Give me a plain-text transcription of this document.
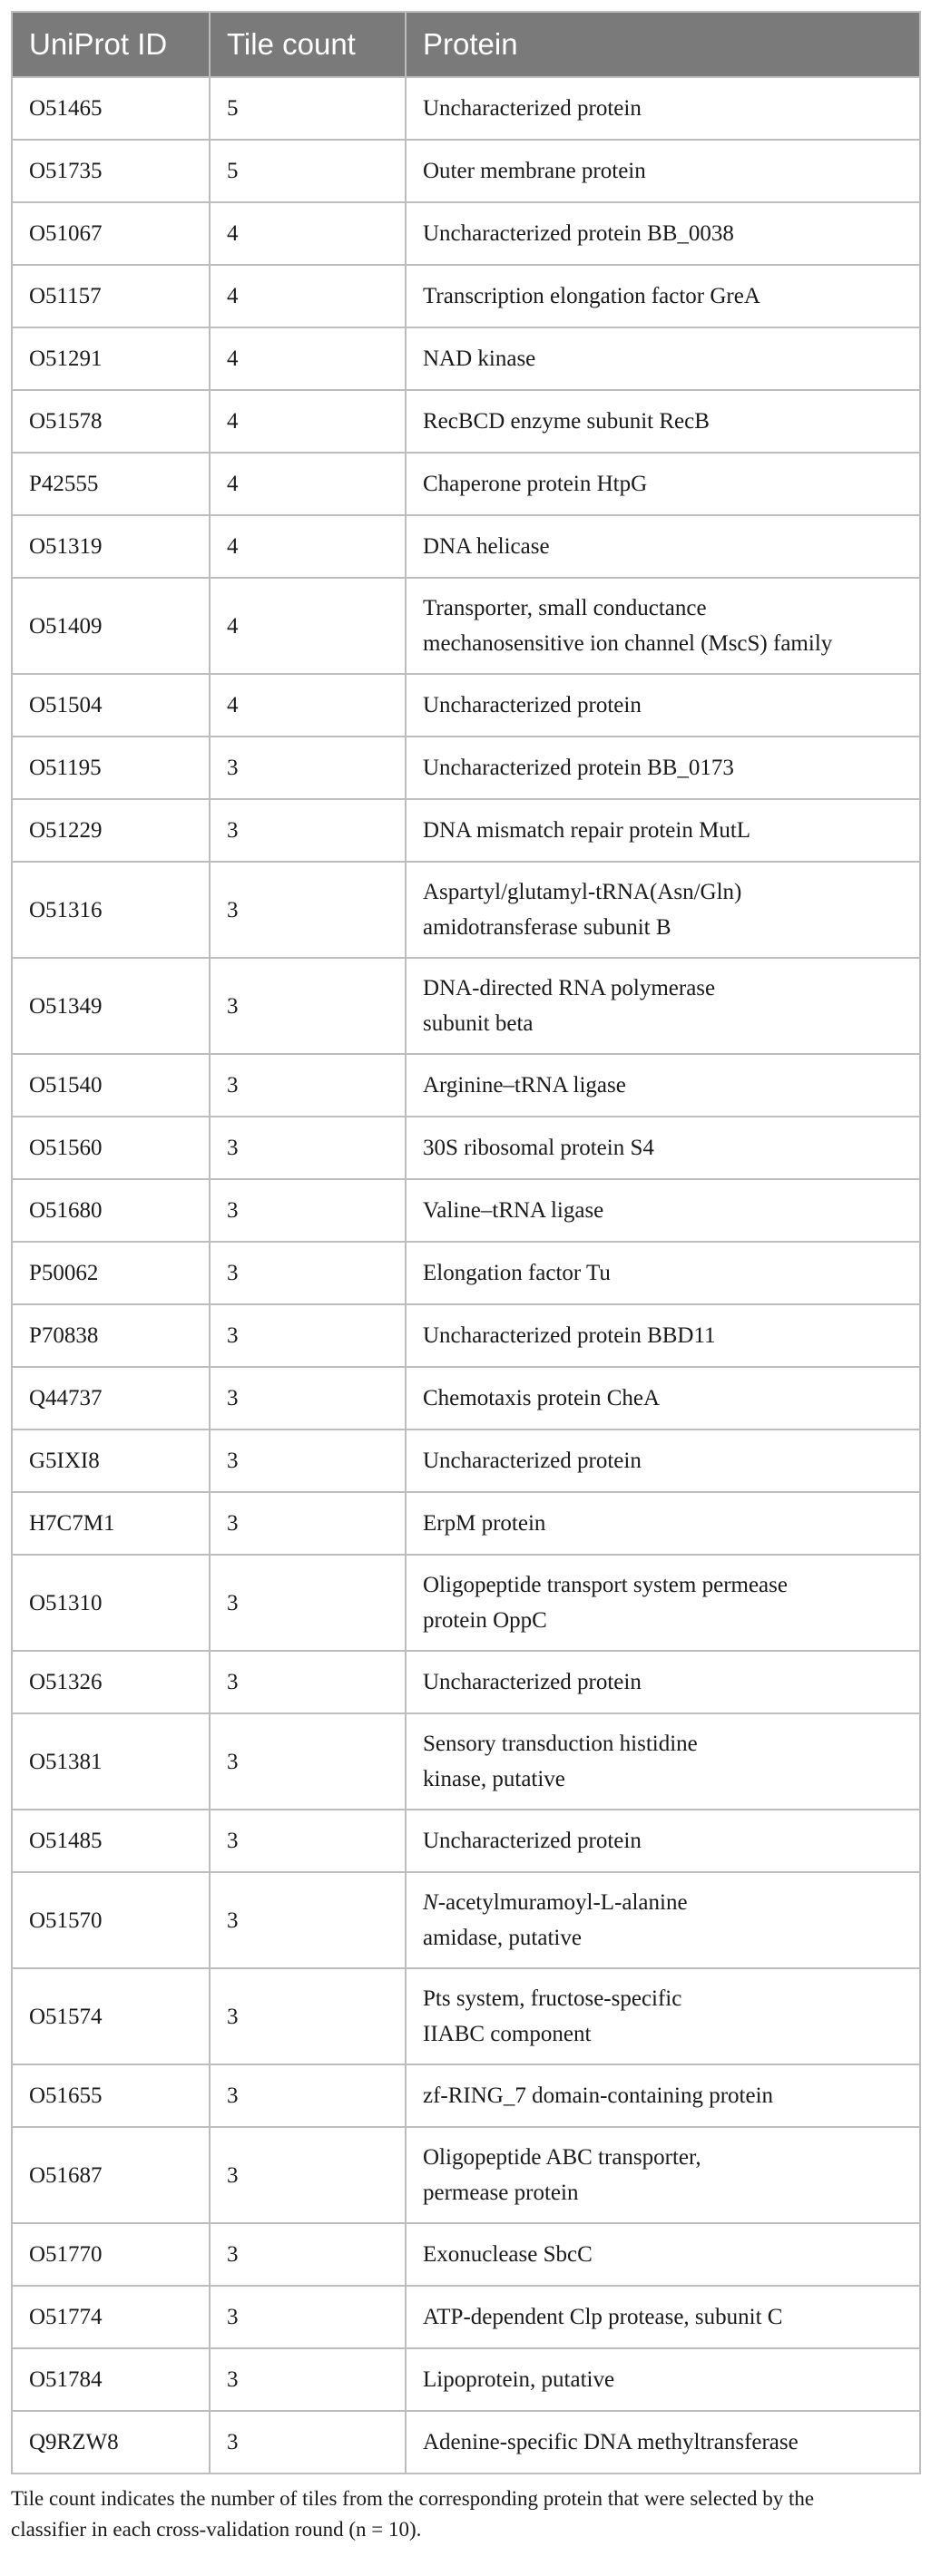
UniProt ID	Tile count	Protein
O51465	5	Uncharacterized protein

O51735	5	Outer membrane protein

O51067	4	Uncharacterized protein BB_0038

O51157	4	Transcription elongation factor GreA

O51291	4	NAD kinase

O51578	4	RecBCD enzyme subunit RecB

P42555	4	Chaperone protein HtpG

O51319	4	DNA helicase

O51409	4	Transporter, small conductance
mechanosensitive ion channel (MscS) family

O51504	4	Uncharacterized protein

O51195	3	Uncharacterized protein BB_0173

O51229	3	DNA mismatch repair protein MutL

O51316	3	Aspartyl/glutamyl-tRNA(Asn/Gln)
amidotransferase subunit B

O51349	3	DNA-directed RNA polymerase
subunit beta

O51540	3	Arginine–tRNA ligase

O51560	3	30S ribosomal protein S4

O51680	3	Valine–tRNA ligase

P50062	3	Elongation factor Tu

P70838	3	Uncharacterized protein BBD11

Q44737	3	Chemotaxis protein CheA

G5IXI8	3	Uncharacterized protein

H7C7M1	3	ErpM protein

O51310	3	Oligopeptide transport system permease
protein OppC

O51326	3	Uncharacterized protein

O51381	3	Sensory transduction histidine
kinase, putative

O51485	3	Uncharacterized protein

O51570	3	N-acetylmuramoyl-L-alanine
amidase, putative

O51574	3	Pts system, fructose-specific
IIABC component

O51655	3	zf-RING_7 domain-containing protein

O51687	3	Oligopeptide ABC transporter,
permease protein

O51770	3	Exonuclease SbcC

O51774	3	ATP-dependent Clp protease, subunit C

O51784	3	Lipoprotein, putative

Q9RZW8	3	Adenine-specific DNA methyltransferase
Tile count indicates the number of tiles from the corresponding protein that were selected by the
classifier in each cross-validation round (n = 10).
